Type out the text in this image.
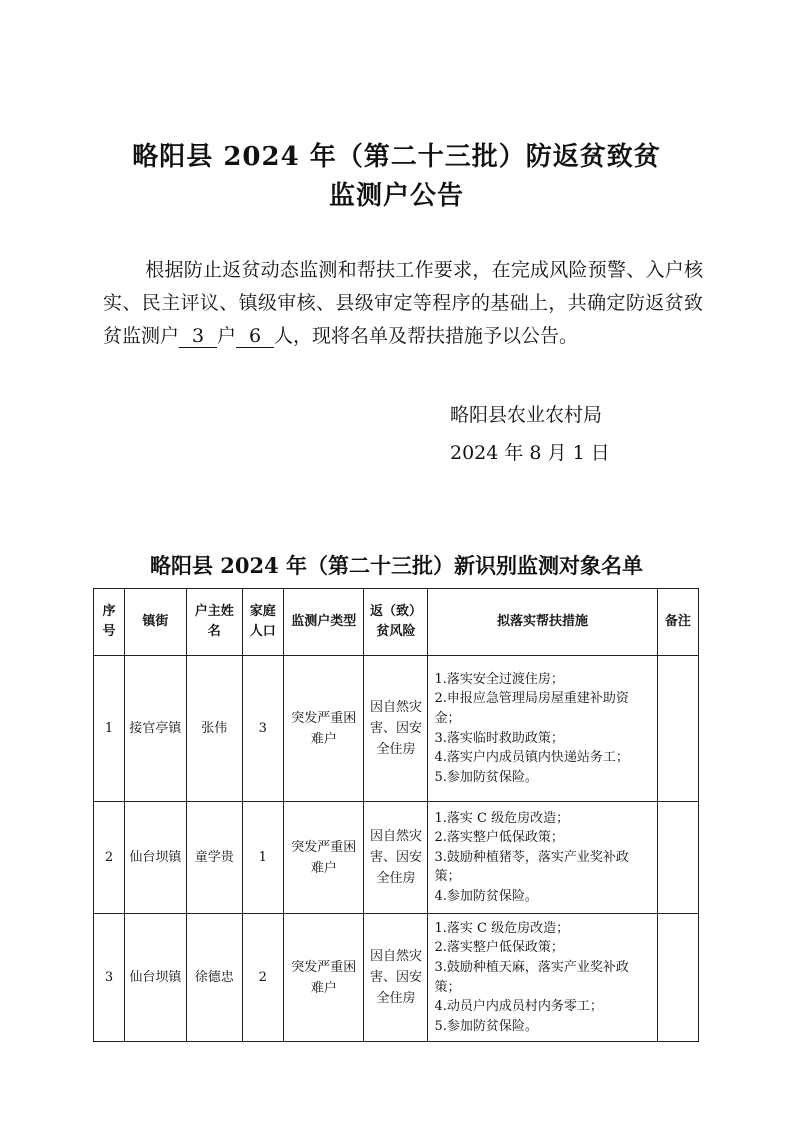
略阳县 2024 年（第二十三批）防返贫致贫
监测户公告
根据防止返贫动态监测和帮扶工作要求，在完成风险预警、入户核实、民主评议、镇级审核、县级审定等程序的基础上，共确定防返贫致贫监测户 3 户 6 人，现将名单及帮扶措施予以公告。
略阳县农业农村局
2024 年 8 月 1 日
略阳县 2024 年（第二十三批）新识别监测对象名单
序号	镇街	户主姓名	家庭人口	监测户类型	返（致）贫风险	拟落实帮扶措施	备注
1	接官亭镇	张伟	3	突发严重困难户	因自然灾害、因安全住房	1.落实安全过渡住房；
2.申报应急管理局房屋重建补助资金；
3.落实临时救助政策；
4.落实户内成员镇内快递站务工；
5.参加防贫保险。	

2	仙台坝镇	童学贵	1	突发严重困难户	因自然灾害、因安全住房	1.落实 C 级危房改造；
2.落实整户低保政策；
3.鼓励种植猪苓，落实产业奖补政策；
4.参加防贫保险。	

3	仙台坝镇	徐德忠	2	突发严重困难户	因自然灾害、因安全住房	1.落实 C 级危房改造；
2.落实整户低保政策；
3.鼓励种植天麻，落实产业奖补政策；
4.动员户内成员村内务零工；
5.参加防贫保险。	
